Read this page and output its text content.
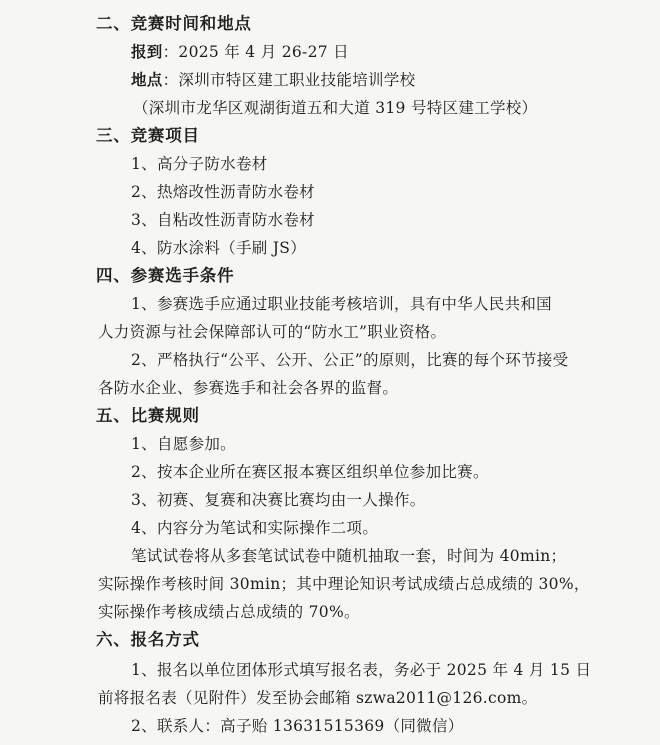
二、竞赛时间和地点
报到：2025 年 4 月 26-27 日
地点：深圳市特区建工职业技能培训学校
（深圳市龙华区观湖街道五和大道 319 号特区建工学校）
三、竞赛项目
1、高分子防水卷材
2、热熔改性沥青防水卷材
3、自粘改性沥青防水卷材
4、防水涂料（手刷 JS）
四、参赛选手条件
1、参赛选手应通过职业技能考核培训，具有中华人民共和国
人力资源与社会保障部认可的“防水工”职业资格。
2、严格执行“公平、公开、公正”的原则，比赛的每个环节接受
各防水企业、参赛选手和社会各界的监督。
五、比赛规则
1、自愿参加。
2、按本企业所在赛区报本赛区组织单位参加比赛。
3、初赛、复赛和决赛比赛均由一人操作。
4、内容分为笔试和实际操作二项。
笔试试卷将从多套笔试试卷中随机抽取一套，时间为 40min；
实际操作考核时间 30min；其中理论知识考试成绩占总成绩的 30%，
实际操作考核成绩占总成绩的 70%。
六、报名方式
1、报名以单位团体形式填写报名表，务必于 2025 年 4 月 15 日
前将报名表（见附件）发至协会邮箱 szwa2011@126.com。
2、联系人：高子贻 13631515369（同微信）
